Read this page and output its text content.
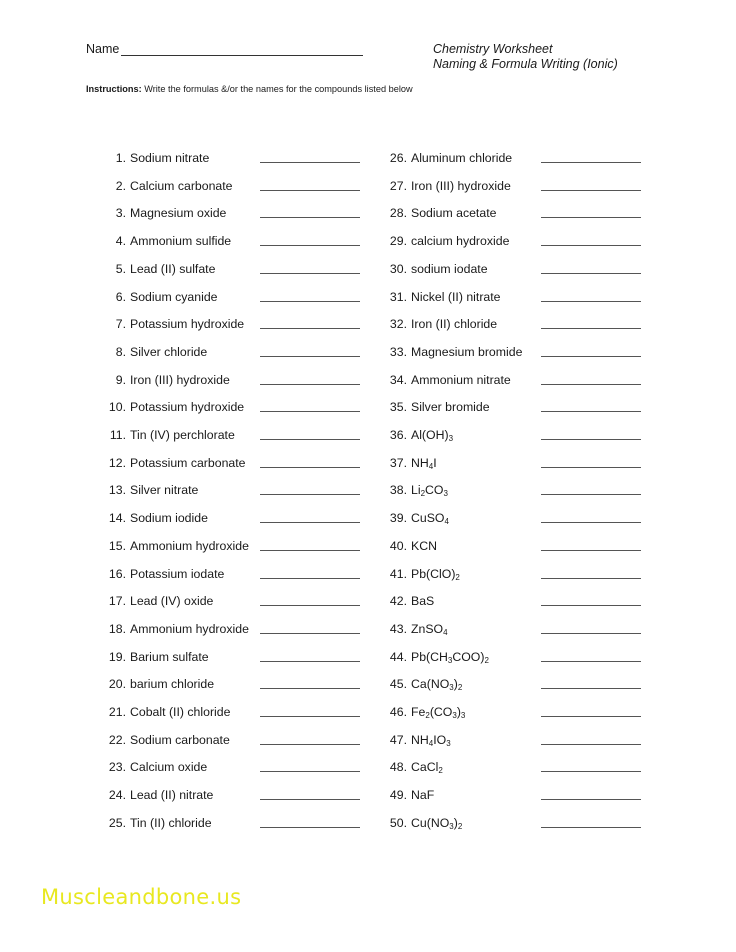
Name	Chemistry Worksheet
Naming & Formula Writing (Ionic)
Instructions: Write the formulas &/or the names for the compounds listed below
1. Sodium nitrate
2. Calcium carbonate
3. Magnesium oxide
4. Ammonium sulfide
5. Lead (II) sulfate
6. Sodium cyanide
7. Potassium hydroxide
8. Silver chloride
9. Iron (III) hydroxide
10. Potassium hydroxide
11. Tin (IV) perchlorate
12. Potassium carbonate
13. Silver nitrate
14. Sodium iodide
15. Ammonium hydroxide
16. Potassium iodate
17. Lead (IV) oxide
18. Ammonium hydroxide
19. Barium sulfate
20. barium chloride
21. Cobalt (II) chloride
22. Sodium carbonate
23. Calcium oxide
24. Lead (II) nitrate
25. Tin (II) chloride
26. Aluminum chloride
27. Iron (III) hydroxide
28. Sodium acetate
29. calcium hydroxide
30. sodium iodate
31. Nickel (II) nitrate
32. Iron (II) chloride
33. Magnesium bromide
34. Ammonium nitrate
35. Silver bromide
36. $Al(OH)_3$
37. $NH_4I$
38. $Li_2CO_3$
39. CuSO$_4$
40. KCN
41. $Pb(ClO)_2$
42. BaS
43. ZnSO$_4$
44. $Pb(CH_3COO)_2$
45. $Ca(NO_3)_2$
46. $Fe_2(CO_3)_3$
47. $NH_4IO_3$
48. CaCl$_2$
49. NaF
50. $Cu(NO_3)_2$
Muscleandbone.us
